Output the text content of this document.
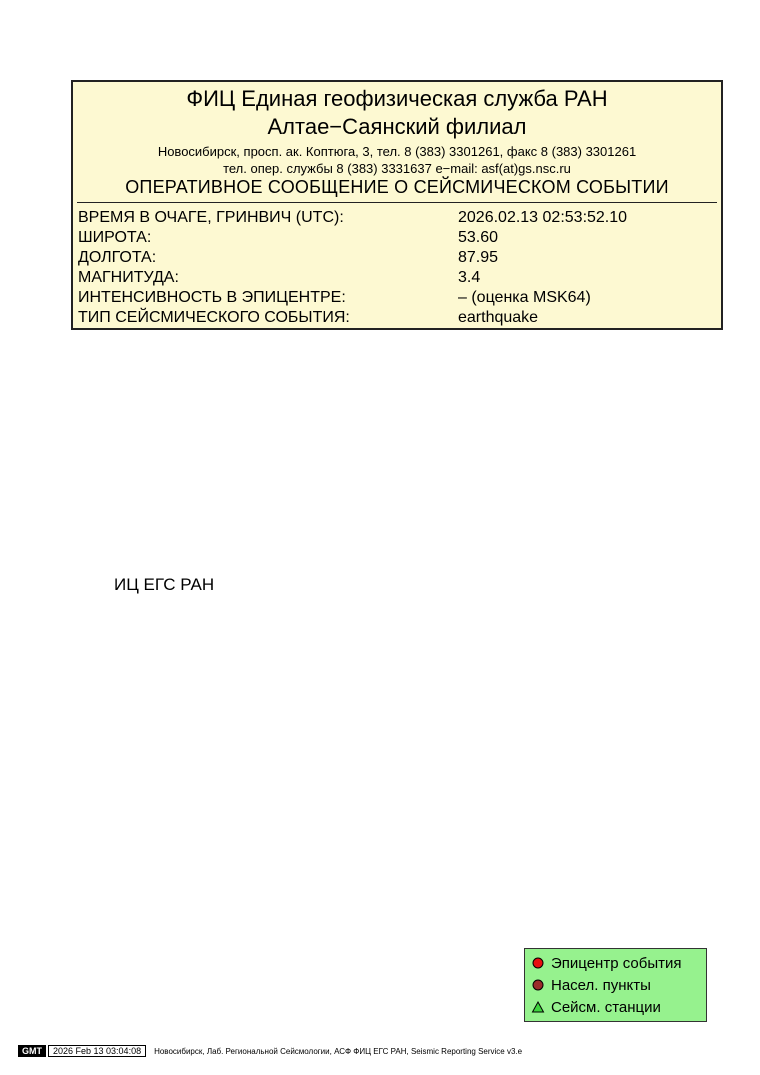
ФИЦ Единая геофизическая служба РАН
Алтае−Саянский филиал
Новосибирск, просп. ак. Коптюга, 3, тел. 8 (383) 3301261, факс 8 (383) 3301261
тел. опер. службы 8 (383) 3331637 e−mail: asf(at)gs.nsc.ru
ОПЕРАТИВНОЕ СООБЩЕНИЕ О СЕЙСМИЧЕСКОМ СОБЫТИИ
ВРЕМЯ В ОЧАГЕ, ГРИНВИЧ (UTC):	2026.02.13 02:53:52.10
ШИРОТА:	53.60
ДОЛГОТА:	87.95
МАГНИТУДА:	3.4
ИНТЕНСИВНОСТЬ В ЭПИЦЕНТРЕ:	– (оценка MSK64)
ТИП СЕЙСМИЧЕСКОГО СОБЫТИЯ:	earthquake
ИЦ ЕГС РАН
Эпицентр события
Насел. пункты
Сейсм. станции
GMT	2026 Feb 13 03:04:08	Новосибирск, Лаб. Региональной Сейсмологии, АСФ ФИЦ ЕГС РАН, Seismic Reporting Service v3.e
